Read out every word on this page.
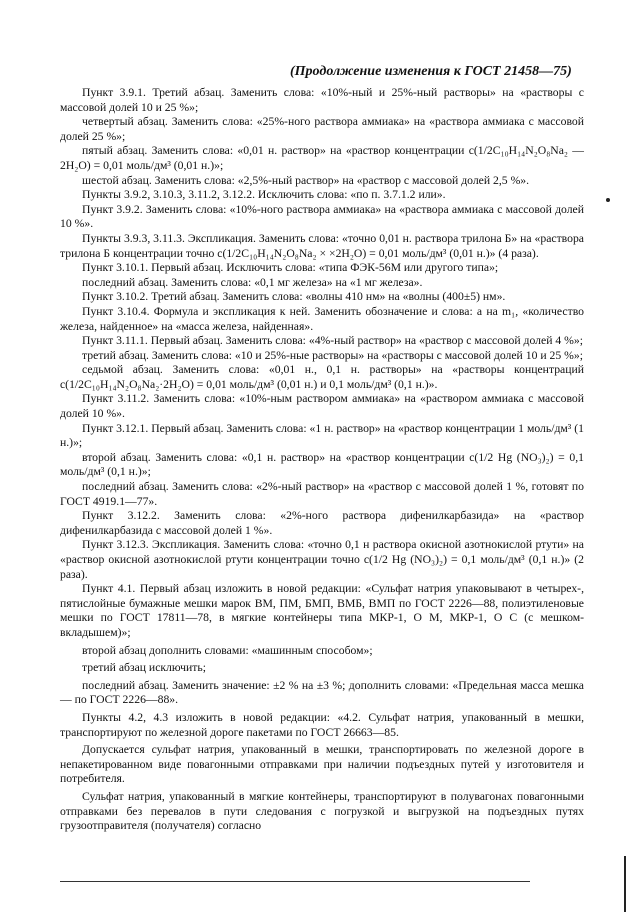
(Продолжение изменения к ГОСТ 21458—75)

Пункт 3.9.1. Третий абзац. Заменить слова: «10%-ный и 25%-ный растворы» на «растворы с массовой долей 10 и 25 %»;

четвертый абзац. Заменить слова: «25%-ного раствора аммиака» на «раствора аммиака с массовой долей 25 %»;

пятый абзац. Заменить слова: «0,01 н. раствор» на «раствор концентрации c(1/2C₁₀H₁₄N₂O₈Na₂ — 2H₂O) = 0,01 моль/дм³ (0,01 н.)»;

шестой абзац. Заменить слова: «2,5%-ный раствор» на «раствор с массовой долей 2,5 %».

Пункты 3.9.2, 3.10.3, 3.11.2, 3.12.2. Исключить слова: «по п. 3.7.1.2 или».

Пункт 3.9.2. Заменить слова: «10%-ного раствора аммиака» на «раствора аммиака с массовой долей 10 %».

Пункты 3.9.3, 3.11.3. Экспликация. Заменить слова: «точно 0,01 н. раствора трилона Б» на «раствора трилона Б концентрации точно c(1/2C₁₀H₁₄N₂O₈Na₂ × ×2H₂O) = 0,01 моль/дм³ (0,01 н.)» (4 раза).

Пункт 3.10.1. Первый абзац. Исключить слова: «типа ФЭК-56М или другого типа»;

последний абзац. Заменить слова: «0,1 мг железа» на «1 мг железа».

Пункт 3.10.2. Третий абзац. Заменить слова: «волны 410 нм» на «волны (400±5) нм».

Пункт 3.10.4. Формула и экспликация к ней. Заменить обозначение и слова: a на m₁, «количество железа, найденное» на «масса железа, найденная».

Пункт 3.11.1. Первый абзац. Заменить слова: «4%-ный раствор» на «раствор с массовой долей 4 %»;

третий абзац. Заменить слова: «10 и 25%-ные растворы» на «растворы с массовой долей 10 и 25 %»;

седьмой абзац. Заменить слова: «0,01 н., 0,1 н. растворы» на «растворы концентраций c(1/2C₁₀H₁₄N₂O₈Na₂·2H₂O) = 0,01 моль/дм³ (0,01 н.) и 0,1 моль/дм³ (0,1 н.)».

Пункт 3.11.2. Заменить слова: «10%-ным раствором аммиака» на «раствором аммиака с массовой долей 10 %».

Пункт 3.12.1. Первый абзац. Заменить слова: «1 н. раствор» на «раствор концентрации 1 моль/дм³ (1 н.)»;

второй абзац. Заменить слова: «0,1 н. раствор» на «раствор концентрации c(1/2 Hg (NO₃)₂) = 0,1 моль/дм³ (0,1 н.)»;

последний абзац. Заменить слова: «2%-ный раствор» на «раствор с массовой долей 1 %, готовят по ГОСТ 4919.1—77».

Пункт 3.12.2. Заменить слова: «2%-ного раствора дифенилкарбазида» на «раствор дифенилкарбазида с массовой долей 1 %».

Пункт 3.12.3. Экспликация. Заменить слова: «точно 0,1 н раствора окисной азотнокислой ртути» на «раствор окисной азотнокислой ртути концентрации точно c(1/2 Hg (NO₃)₂) = 0,1 моль/дм³ (0,1 н.)» (2 раза).

Пункт 4.1. Первый абзац изложить в новой редакции: «Сульфат натрия упаковывают в четырех-, пятислойные бумажные мешки марок ВМ, ПМ, БМП, ВМБ, ВМП по ГОСТ 2226—88, полиэтиленовые мешки по ГОСТ 17811—78, в мягкие контейнеры типа МКР-1, О М, МКР-1, О С (с мешком-вкладышем)»;

второй абзац дополнить словами: «машинным способом»;

третий абзац исключить;

последний абзац. Заменить значение: ±2 % на ±3 %; дополнить словами: «Предельная масса мешка — по ГОСТ 2226—88».

Пункты 4.2, 4.3 изложить в новой редакции: «4.2. Сульфат натрия, упакованный в мешки, транспортируют по железной дороге пакетами по ГОСТ 26663—85.

Допускается сульфат натрия, упакованный в мешки, транспортировать по железной дороге в непакетированном виде повагонными отправками при наличии подъездных путей у изготовителя и потребителя.

Сульфат натрия, упакованный в мягкие контейнеры, транспортируют в полувагонах повагонными отправками без перевалов в пути следования с погрузкой и выгрузкой на подъездных путях грузоотправителя (получателя) согласно
